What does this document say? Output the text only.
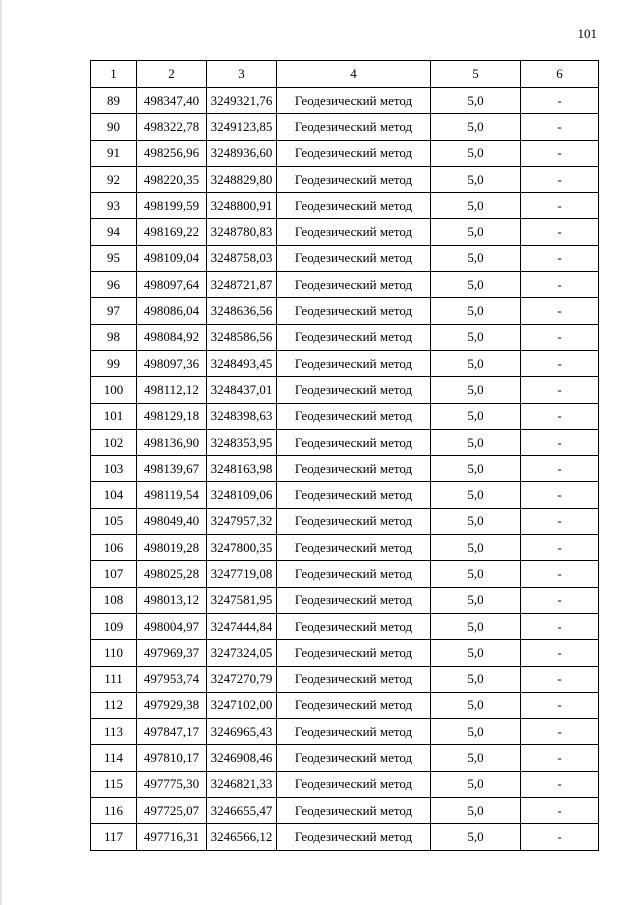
101
1	2	3	4	5	6
89	498347,40	3249321,76	Геодезический метод	5,0	-
90	498322,78	3249123,85	Геодезический метод	5,0	-
91	498256,96	3248936,60	Геодезический метод	5,0	-
92	498220,35	3248829,80	Геодезический метод	5,0	-
93	498199,59	3248800,91	Геодезический метод	5,0	-
94	498169,22	3248780,83	Геодезический метод	5,0	-
95	498109,04	3248758,03	Геодезический метод	5,0	-
96	498097,64	3248721,87	Геодезический метод	5,0	-
97	498086,04	3248636,56	Геодезический метод	5,0	-
98	498084,92	3248586,56	Геодезический метод	5,0	-
99	498097,36	3248493,45	Геодезический метод	5,0	-
100	498112,12	3248437,01	Геодезический метод	5,0	-
101	498129,18	3248398,63	Геодезический метод	5,0	-
102	498136,90	3248353,95	Геодезический метод	5,0	-
103	498139,67	3248163,98	Геодезический метод	5,0	-
104	498119,54	3248109,06	Геодезический метод	5,0	-
105	498049,40	3247957,32	Геодезический метод	5,0	-
106	498019,28	3247800,35	Геодезический метод	5,0	-
107	498025,28	3247719,08	Геодезический метод	5,0	-
108	498013,12	3247581,95	Геодезический метод	5,0	-
109	498004,97	3247444,84	Геодезический метод	5,0	-
110	497969,37	3247324,05	Геодезический метод	5,0	-
111	497953,74	3247270,79	Геодезический метод	5,0	-
112	497929,38	3247102,00	Геодезический метод	5,0	-
113	497847,17	3246965,43	Геодезический метод	5,0	-
114	497810,17	3246908,46	Геодезический метод	5,0	-
115	497775,30	3246821,33	Геодезический метод	5,0	-
116	497725,07	3246655,47	Геодезический метод	5,0	-
117	497716,31	3246566,12	Геодезический метод	5,0	-
